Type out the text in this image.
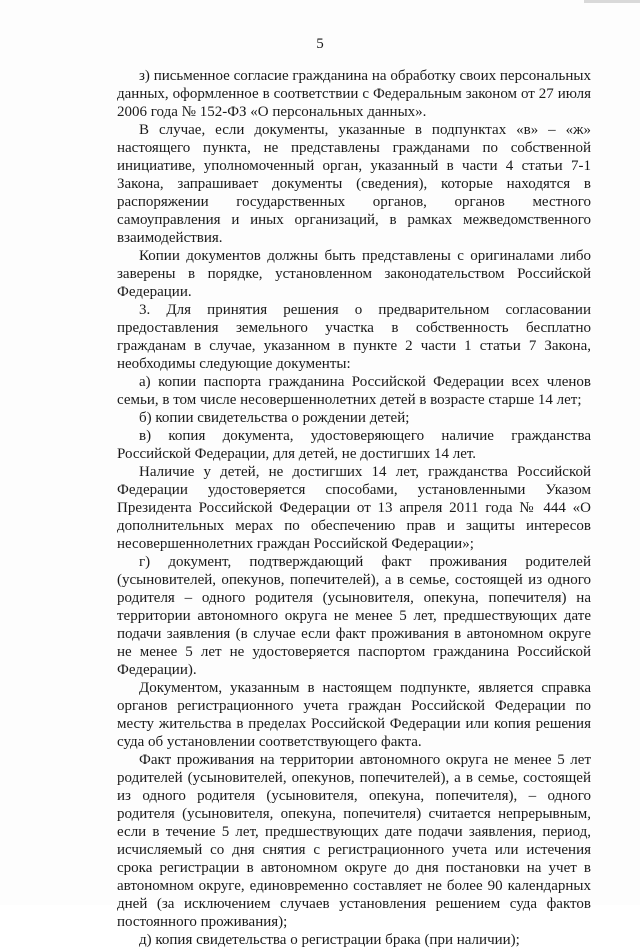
5

з) письменное согласие гражданина на обработку своих персональных данных, оформленное в соответствии с Федеральным законом от 27 июля 2006 года № 152-ФЗ «О персональных данных».

В случае, если документы, указанные в подпунктах «в» – «ж» настоящего пункта, не представлены гражданами по собственной инициативе, уполномоченный орган, указанный в части 4 статьи 7-1 Закона, запрашивает документы (сведения), которые находятся в распоряжении государственных органов, органов местного самоуправления и иных организаций, в рамках межведомственного взаимодействия.

Копии документов должны быть представлены с оригиналами либо заверены в порядке, установленном законодательством Российской Федерации.

3. Для принятия решения о предварительном согласовании предоставления земельного участка в собственность бесплатно гражданам в случае, указанном в пункте 2 части 1 статьи 7 Закона, необходимы следующие документы:

а) копии паспорта гражданина Российской Федерации всех членов семьи, в том числе несовершеннолетних детей в возрасте старше 14 лет;

б) копии свидетельства о рождении детей;

в) копия документа, удостоверяющего наличие гражданства Российской Федерации, для детей, не достигших 14 лет.

Наличие у детей, не достигших 14 лет, гражданства Российской Федерации удостоверяется способами, установленными Указом Президента Российской Федерации от 13 апреля 2011 года № 444 «О дополнительных мерах по обеспечению прав и защиты интересов несовершеннолетних граждан Российской Федерации»;

г) документ, подтверждающий факт проживания родителей (усыновителей, опекунов, попечителей), а в семье, состоящей из одного родителя – одного родителя (усыновителя, опекуна, попечителя) на территории автономного округа не менее 5 лет, предшествующих дате подачи заявления (в случае если факт проживания в автономном округе не менее 5 лет не удостоверяется паспортом гражданина Российской Федерации).

Документом, указанным в настоящем подпункте, является справка органов регистрационного учета граждан Российской Федерации по месту жительства в пределах Российской Федерации или копия решения суда об установлении соответствующего факта.

Факт проживания на территории автономного округа не менее 5 лет родителей (усыновителей, опекунов, попечителей), а в семье, состоящей из одного родителя (усыновителя, опекуна, попечителя), – одного родителя (усыновителя, опекуна, попечителя) считается непрерывным, если в течение 5 лет, предшествующих дате подачи заявления, период, исчисляемый со дня снятия с регистрационного учета или истечения срока регистрации в автономном округе до дня постановки на учет в автономном округе, единовременно составляет не более 90 календарных дней (за исключением случаев установления решением суда фактов постоянного проживания);

д) копия свидетельства о регистрации брака (при наличии);
